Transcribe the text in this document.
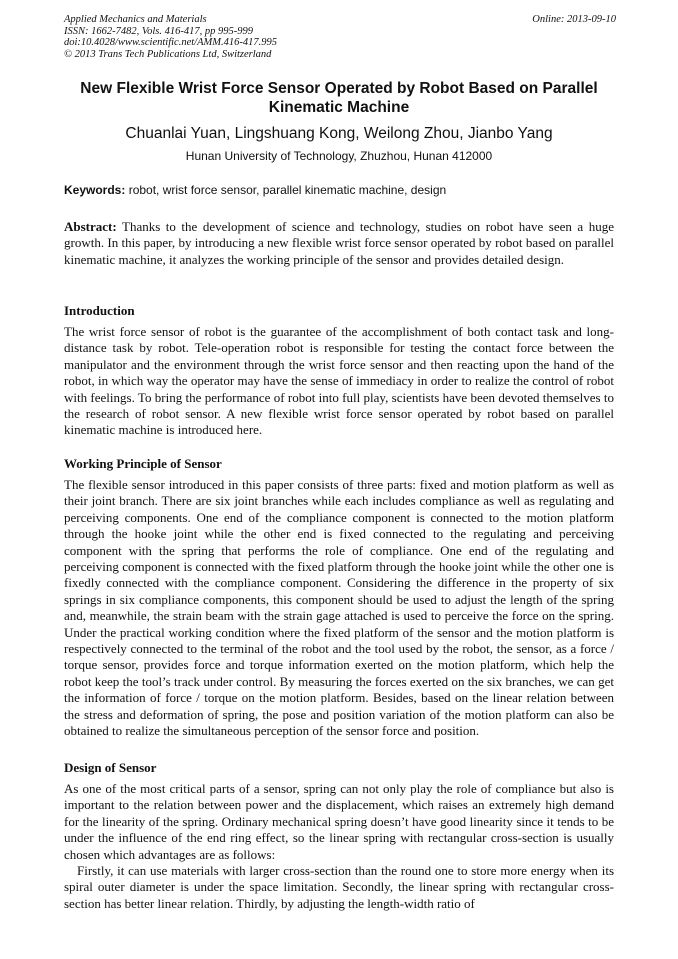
Applied Mechanics and Materials
ISSN: 1662-7482, Vols. 416-417, pp 995-999
doi:10.4028/www.scientific.net/AMM.416-417.995
© 2013 Trans Tech Publications Ltd, Switzerland
Online: 2013-09-10
New Flexible Wrist Force Sensor Operated by Robot Based on Parallel Kinematic Machine
Chuanlai Yuan, Lingshuang Kong, Weilong Zhou, Jianbo Yang
Hunan University of Technology, Zhuzhou, Hunan 412000
Keywords: robot, wrist force sensor, parallel kinematic machine, design
Abstract: Thanks to the development of science and technology, studies on robot have seen a huge growth. In this paper, by introducing a new flexible wrist force sensor operated by robot based on parallel kinematic machine, it analyzes the working principle of the sensor and provides detailed design.
Introduction
The wrist force sensor of robot is the guarantee of the accomplishment of both contact task and long-distance task by robot. Tele-operation robot is responsible for testing the contact force between the manipulator and the environment through the wrist force sensor and then reacting upon the hand of the robot, in which way the operator may have the sense of immediacy in order to realize the control of robot with feelings. To bring the performance of robot into full play, scientists have been devoted themselves to the research of robot sensor. A new flexible wrist force sensor operated by robot based on parallel kinematic machine is introduced here.
Working Principle of Sensor
The flexible sensor introduced in this paper consists of three parts: fixed and motion platform as well as their joint branch. There are six joint branches while each includes compliance as well as regulating and perceiving components. One end of the compliance component is connected to the motion platform through the hooke joint while the other end is fixed connected to the regulating and perceiving component with the spring that performs the role of compliance. One end of the regulating and perceiving component is connected with the fixed platform through the hooke joint while the other one is fixedly connected with the compliance component. Considering the difference in the property of six springs in six compliance components, this component should be used to adjust the length of the spring and, meanwhile, the strain beam with the strain gage attached is used to perceive the force on the spring. Under the practical working condition where the fixed platform of the sensor and the motion platform is respectively connected to the terminal of the robot and the tool used by the robot, the sensor, as a force / torque sensor, provides force and torque information exerted on the motion platform, which help the robot keep the tool’s track under control. By measuring the forces exerted on the six branches, we can get the information of force / torque on the motion platform. Besides, based on the linear relation between the stress and deformation of spring, the pose and position variation of the motion platform can also be obtained to realize the simultaneous perception of the sensor force and position.
Design of Sensor
As one of the most critical parts of a sensor, spring can not only play the role of compliance but also is important to the relation between power and the displacement, which raises an extremely high demand for the linearity of the spring. Ordinary mechanical spring doesn’t have good linearity since it tends to be under the influence of the end ring effect, so the linear spring with rectangular cross-section is usually chosen which advantages are as follows:
Firstly, it can use materials with larger cross-section than the round one to store more energy when its spiral outer diameter is under the space limitation. Secondly, the linear spring with rectangular cross-section has better linear relation. Thirdly, by adjusting the length-width ratio of
